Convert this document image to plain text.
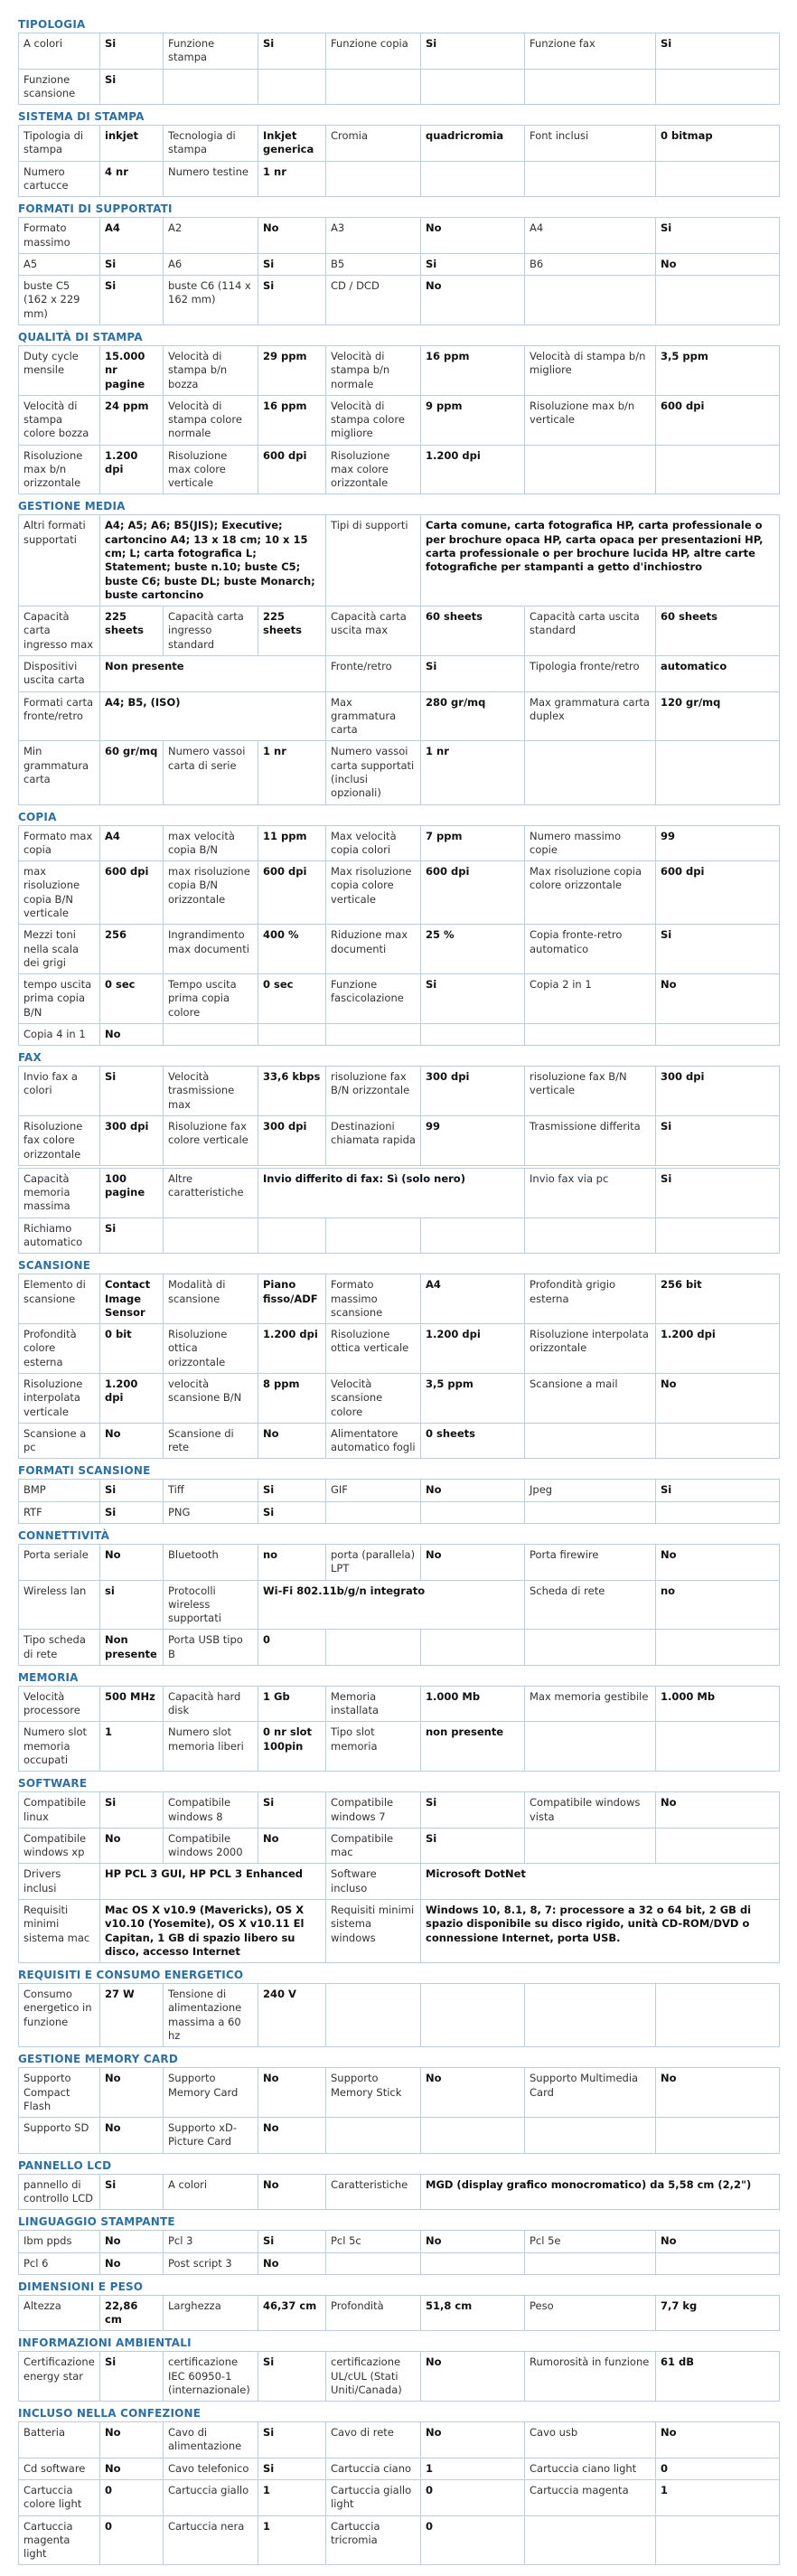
TIPOLOGIA
A colori	Si	Funzione stampa	Si	Funzione copia	Si	Funzione fax	Si
Funzione scansione	Si						
SISTEMA DI STAMPA
Tipologia di stampa	inkjet	Tecnologia di stampa	Inkjet generica	Cromia	quadricromia	Font inclusi	0 bitmap
Numero cartucce	4 nr	Numero testine	1 nr				
FORMATI DI SUPPORTATI
Formato massimo	A4	A2	No	A3	No	A4	Si
A5	Si	A6	Si	B5	Si	B6	No
buste C5 (162 x 229 mm)	Si	buste C6 (114 x 162 mm)	Si	CD / DCD	No		
QUALITÀ DI STAMPA
Duty cycle mensile	15.000 nr pagine	Velocità di stampa b/n bozza	29 ppm	Velocità di stampa b/n normale	16 ppm	Velocità di stampa b/n migliore	3,5 ppm
Velocità di stampa colore bozza	24 ppm	Velocità di stampa colore normale	16 ppm	Velocità di stampa colore migliore	9 ppm	Risoluzione max b/n verticale	600 dpi
Risoluzione max b/n orizzontale	1.200 dpi	Risoluzione max colore verticale	600 dpi	Risoluzione max colore orizzontale	1.200 dpi		
GESTIONE MEDIA
Altri formati supportati	A4; A5; A6; B5(JIS); Executive; cartoncino A4; 13 x 18 cm; 10 x 15 cm; L; carta fotografica L; Statement; buste n.10; buste C5; buste C6; buste DL; buste Monarch; buste cartoncino			Tipi di supporti	Carta comune, carta fotografica HP, carta professionale o per brochure opaca HP, carta opaca per presentazioni HP, carta professionale o per brochure lucida HP, altre carte fotografiche per stampanti a getto d'inchiostro		
Capacità carta ingresso max	225 sheets	Capacità carta ingresso standard	225 sheets	Capacità carta uscita max	60 sheets	Capacità carta uscita standard	60 sheets
Dispositivi uscita carta	Non presente			Fronte/retro	Si	Tipologia fronte/retro	automatico
Formati carta fronte/retro	A4; B5, (ISO)			Max grammatura carta	280 gr/mq	Max grammatura carta duplex	120 gr/mq
Min grammatura carta	60 gr/mq	Numero vassoi carta di serie	1 nr	Numero vassoi carta supportati (inclusi opzionali)	1 nr		
COPIA
Formato max copia	A4	max velocità copia B/N	11 ppm	Max velocità copia colori	7 ppm	Numero massimo copie	99
max risoluzione copia B/N verticale	600 dpi	max risoluzione copia B/N orizzontale	600 dpi	Max risoluzione copia colore verticale	600 dpi	Max risoluzione copia colore orizzontale	600 dpi
Mezzi toni nella scala dei grigi	256	Ingrandimento max documenti	400 %	Riduzione max documenti	25 %	Copia fronte-retro automatico	Si
tempo uscita prima copia B/N	0 sec	Tempo uscita prima copia colore	0 sec	Funzione fascicolazione	Si	Copia 2 in 1	No
Copia 4 in 1	No						
FAX
Invio fax a colori	Si	Velocità trasmissione max	33,6 kbps	risoluzione fax B/N orizzontale	300 dpi	risoluzione fax B/N verticale	300 dpi
Risoluzione fax colore orizzontale	300 dpi	Risoluzione fax colore verticale	300 dpi	Destinazioni chiamata rapida	99	Trasmissione differita	Si
Capacità memoria massima	100 pagine	Altre caratteristiche	Invio differito di fax: Sì (solo nero)			Invio fax via pc	Si
Richiamo automatico	Si						
SCANSIONE
Elemento di scansione	Contact Image Sensor	Modalità di scansione	Piano fisso/ADF	Formato massimo scansione	A4	Profondità grigio esterna	256 bit
Profondità colore esterna	0 bit	Risoluzione ottica orizzontale	1.200 dpi	Risoluzione ottica verticale	1.200 dpi	Risoluzione interpolata orizzontale	1.200 dpi
Risoluzione interpolata verticale	1.200 dpi	velocità scansione B/N	8 ppm	Velocità scansione colore	3,5 ppm	Scansione a mail	No
Scansione a pc	No	Scansione di rete	No	Alimentatore automatico fogli	0 sheets		
FORMATI SCANSIONE
BMP	Si	Tiff	Si	GIF	No	Jpeg	Si
RTF	Si	PNG	Si				
CONNETTIVITÀ
Porta seriale	No	Bluetooth	no	porta (parallela) LPT	No	Porta firewire	No
Wireless lan	si	Protocolli wireless supportati	Wi-Fi 802.11b/g/n integrato			Scheda di rete	no
Tipo scheda di rete	Non presente	Porta USB tipo B	0				
MEMORIA
Velocità processore	500 MHz	Capacità hard disk	1 Gb	Memoria installata	1.000 Mb	Max memoria gestibile	1.000 Mb
Numero slot memoria occupati	1	Numero slot memoria liberi	0 nr slot 100pin	Tipo slot memoria	non presente		
SOFTWARE
Compatibile linux	Si	Compatibile windows 8	Si	Compatibile windows 7	Si	Compatibile windows vista	No
Compatibile windows xp	No	Compatibile windows 2000	No	Compatibile mac	Si		
Drivers inclusi	HP PCL 3 GUI, HP PCL 3 Enhanced			Software incluso	Microsoft DotNet		
Requisiti minimi sistema mac	Mac OS X v10.9 (Mavericks), OS X v10.10 (Yosemite), OS X v10.11 El Capitan, 1 GB di spazio libero su disco, accesso Internet			Requisiti minimi sistema windows	Windows 10, 8.1, 8, 7: processore a 32 o 64 bit, 2 GB di spazio disponibile su disco rigido, unità CD-ROM/DVD o connessione Internet, porta USB.		
REQUISITI E CONSUMO ENERGETICO
Consumo energetico in funzione	27 W	Tensione di alimentazione massima a 60 hz	240 V				
GESTIONE MEMORY CARD
Supporto Compact Flash	No	Supporto Memory Card	No	Supporto Memory Stick	No	Supporto Multimedia Card	No
Supporto SD	No	Supporto xD-Picture Card	No				
PANNELLO LCD
pannello di controllo LCD	Si	A colori	No	Caratteristiche	MGD (display grafico monocromatico) da 5,58 cm (2,2")
LINGUAGGIO STAMPANTE
Ibm ppds	No	Pcl 3	Si	Pcl 5c	No	Pcl 5e	No
Pcl 6	No	Post script 3	No				
DIMENSIONI E PESO
Altezza	22,86 cm	Larghezza	46,37 cm	Profondità	51,8 cm	Peso	7,7 kg
INFORMAZIONI AMBIENTALI
Certificazione energy star	Si	certificazione IEC 60950-1 (internazionale)	Si	certificazione UL/cUL (Stati Uniti/Canada)	No	Rumorosità in funzione	61 dB
INCLUSO NELLA CONFEZIONE
Batteria	No	Cavo di alimentazione	Si	Cavo di rete	No	Cavo usb	No
Cd software	No	Cavo telefonico	Si	Cartuccia ciano	1	Cartuccia ciano light	0
Cartuccia colore light	0	Cartuccia giallo	1	Cartuccia giallo light	0	Cartuccia magenta	1
Cartuccia magenta light	0	Cartuccia nera	1	Cartuccia tricromia	0		
